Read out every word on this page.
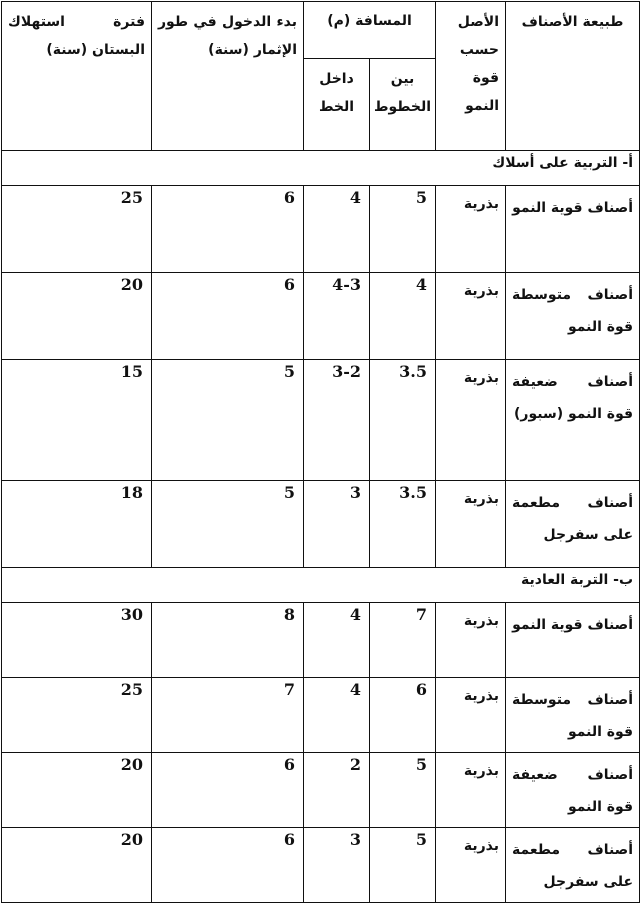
طبيعة الأصناف	الأصل حسب قوة النمو	المسافة (م)		بدء الدخول في طور الإثمار (سنة)	فترة استهلاك البستان (سنة)
		بين الخطوط	داخل الخط		
أ- التربية على أسلاك					
أصناف قوية النمو	بذرية	5	4	6	25
أصناف متوسطة قوة النمو	بذرية	4	4-3	6	20
أصناف ضعيفة قوة النمو (سبور)	بذرية	3.5	3-2	5	15
أصناف مطعمة على سفرجل	بذرية	3.5	3	5	18
ب- التربة العادية					
أصناف قوية النمو	بذرية	7	4	8	30
أصناف متوسطة قوة النمو	بذرية	6	4	7	25
أصناف ضعيفة قوة النمو	بذرية	5	2	6	20
أصناف مطعمة على سفرجل	بذرية	5	3	6	20
